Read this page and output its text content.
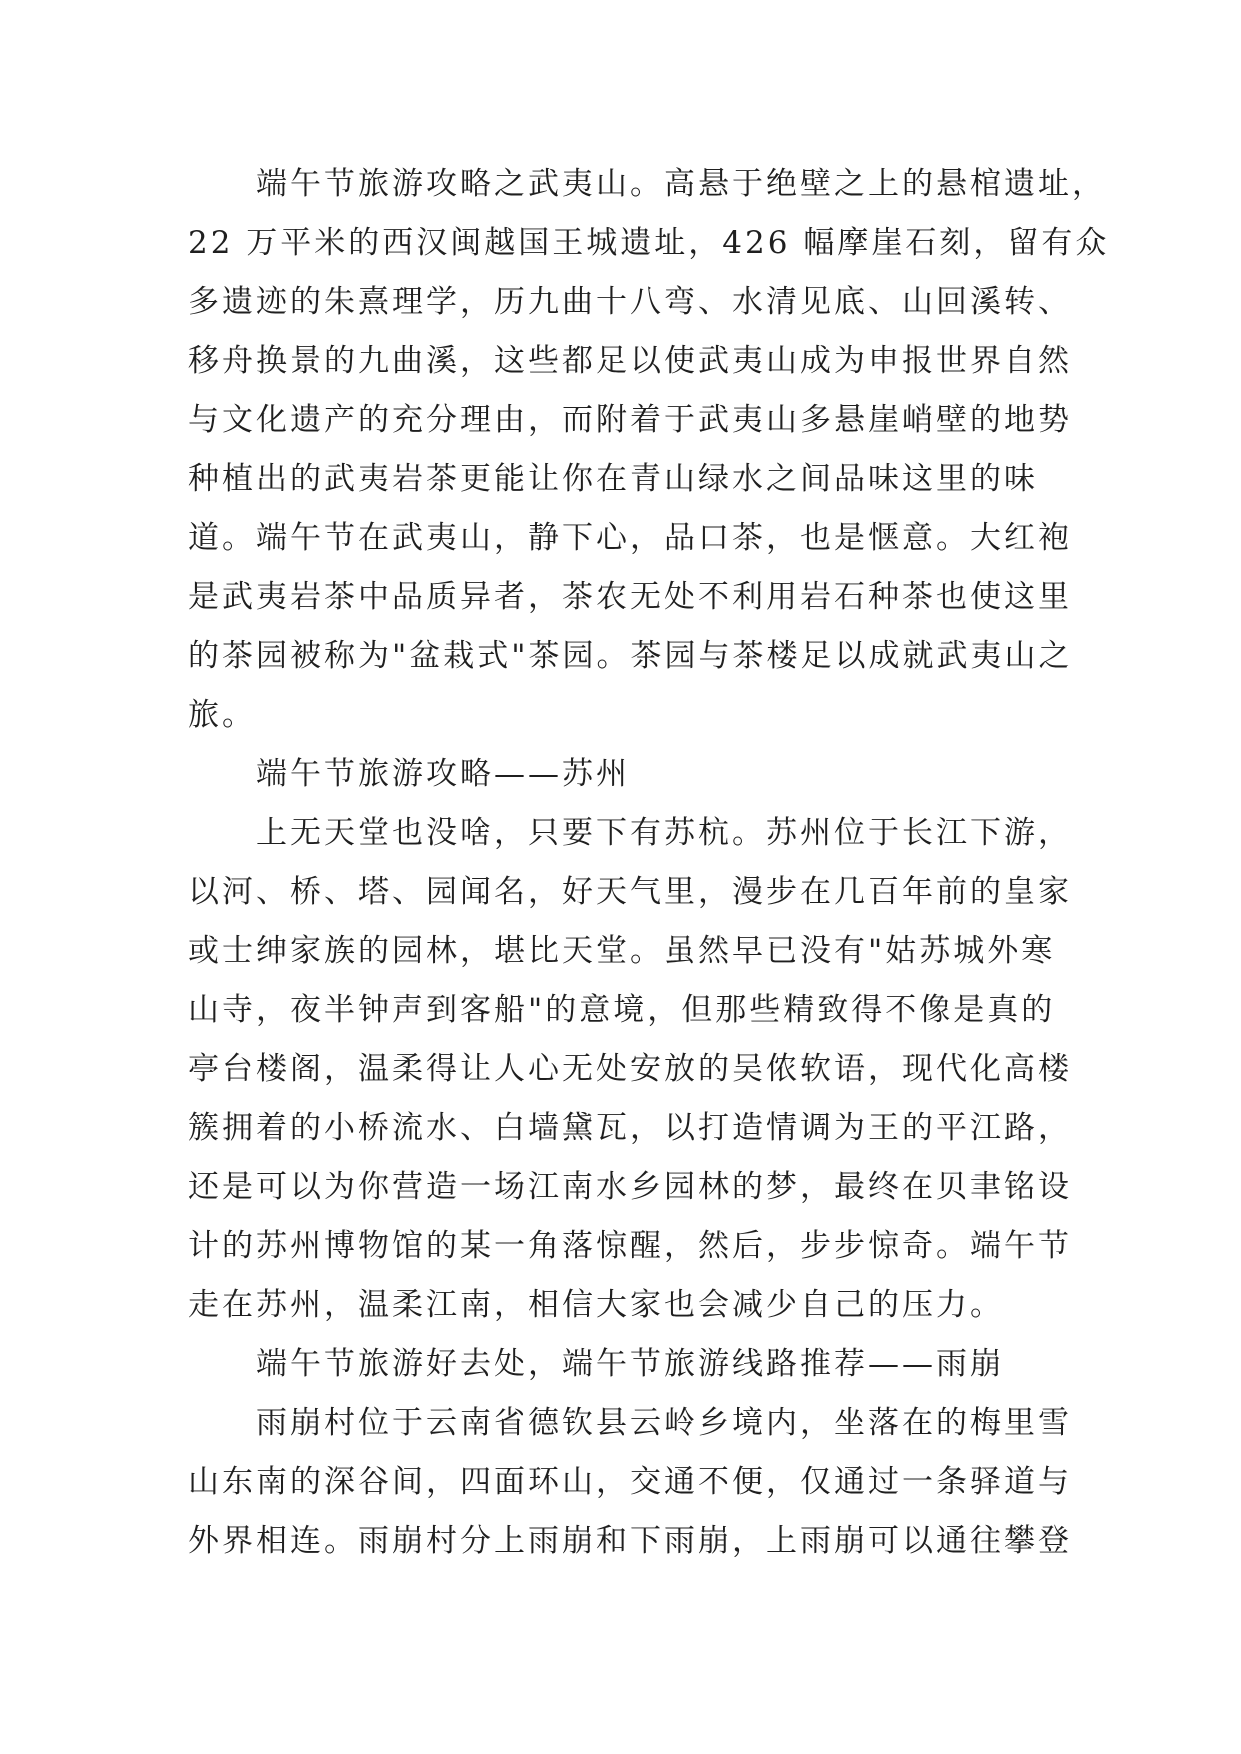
端午节旅游攻略之武夷山。高悬于绝壁之上的悬棺遗址，
22 万平米的西汉闽越国王城遗址，426 幅摩崖石刻，留有众
多遗迹的朱熹理学，历九曲十八弯、水清见底、山回溪转、
移舟换景的九曲溪，这些都足以使武夷山成为申报世界自然
与文化遗产的充分理由，而附着于武夷山多悬崖峭壁的地势
种植出的武夷岩茶更能让你在青山绿水之间品味这里的味
道。端午节在武夷山，静下心，品口茶，也是惬意。大红袍
是武夷岩茶中品质异者，茶农无处不利用岩石种茶也使这里
的茶园被称为"盆栽式"茶园。茶园与茶楼足以成就武夷山之
旅。
端午节旅游攻略——苏州
上无天堂也没啥，只要下有苏杭。苏州位于长江下游，
以河、桥、塔、园闻名，好天气里，漫步在几百年前的皇家
或士绅家族的园林，堪比天堂。虽然早已没有"姑苏城外寒
山寺，夜半钟声到客船"的意境，但那些精致得不像是真的
亭台楼阁，温柔得让人心无处安放的吴侬软语，现代化高楼
簇拥着的小桥流水、白墙黛瓦，以打造情调为王的平江路，
还是可以为你营造一场江南水乡园林的梦，最终在贝聿铭设
计的苏州博物馆的某一角落惊醒，然后，步步惊奇。端午节
走在苏州，温柔江南，相信大家也会减少自己的压力。
端午节旅游好去处，端午节旅游线路推荐——雨崩
雨崩村位于云南省德钦县云岭乡境内，坐落在的梅里雪
山东南的深谷间，四面环山，交通不便，仅通过一条驿道与
外界相连。雨崩村分上雨崩和下雨崩，上雨崩可以通往攀登
